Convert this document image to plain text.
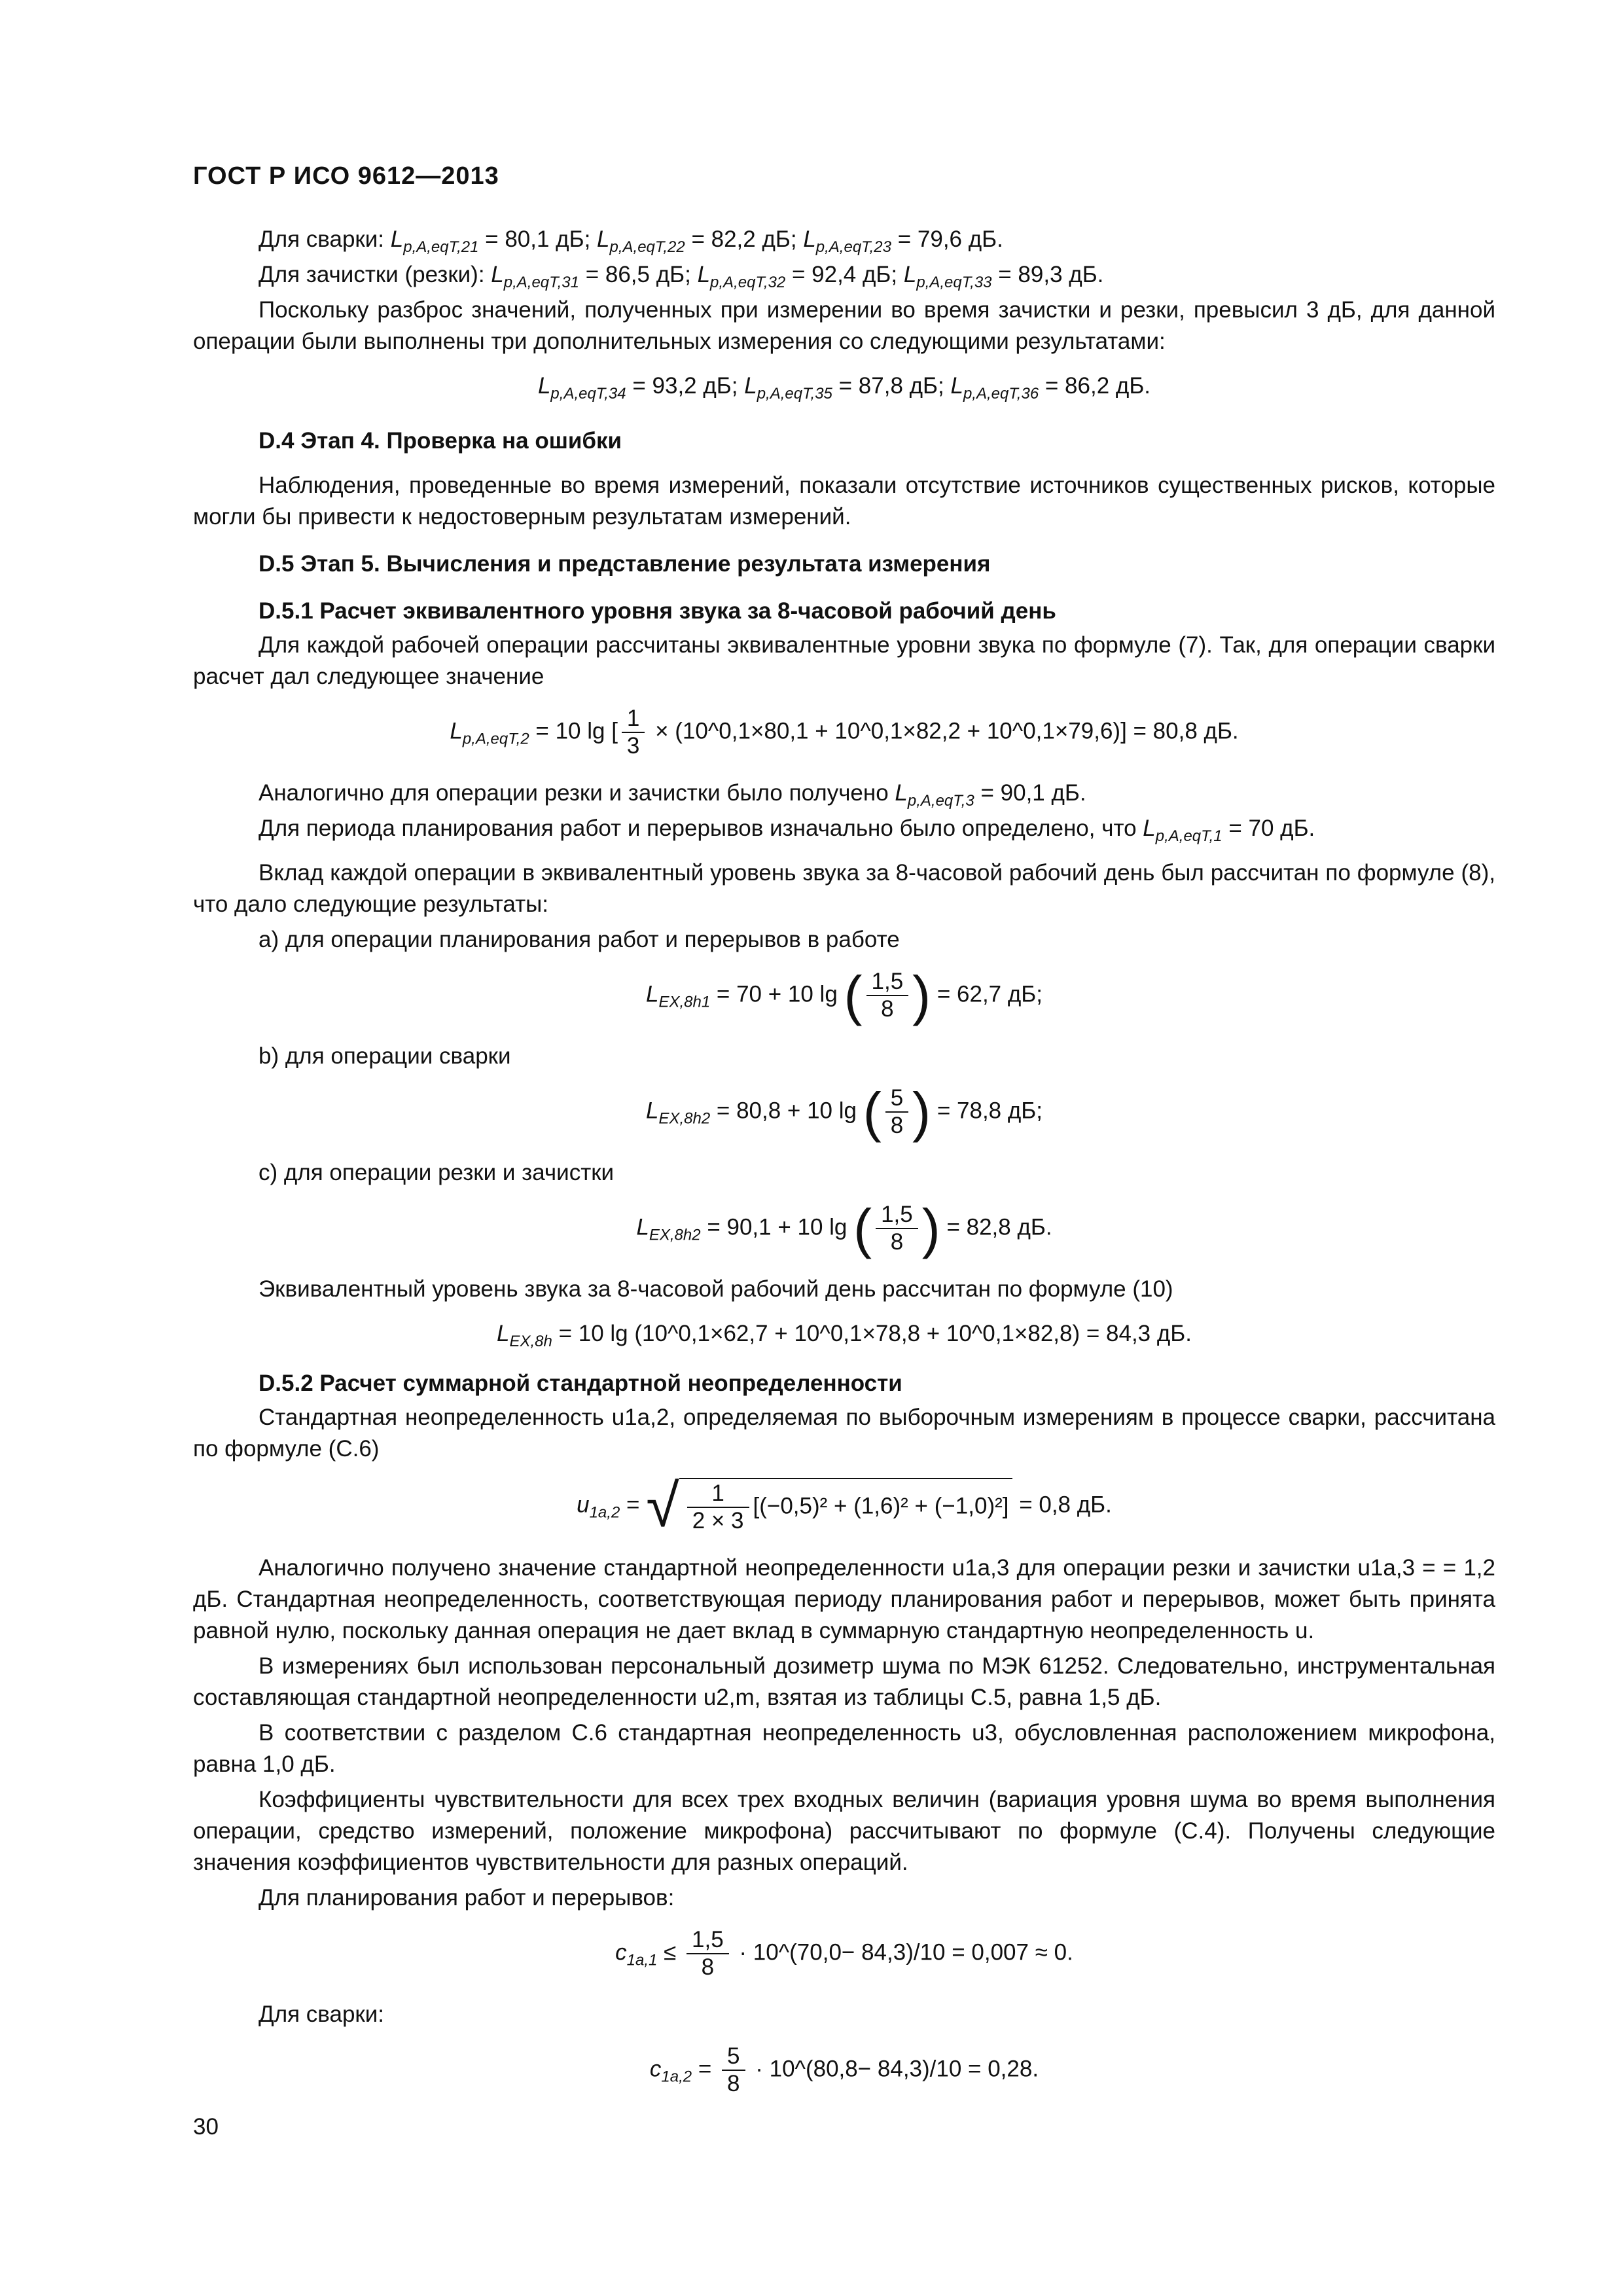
ГОСТ Р ИСО 9612—2013

Для сварки: $L_{p,A,eqT,21} = 80,1$ дБ; $L_{p,A,eqT,22} = 82,2$ дБ; $L_{p,A,eqT,23} = 79,6$ дБ.

Для зачистки (резки): $L_{p,A,eqT,31} = 86,5$ дБ; $L_{p,A,eqT,32} = 92,4$ дБ; $L_{p,A,eqT,33} = 89,3$ дБ.

Поскольку разброс значений, полученных при измерении во время зачистки и резки, превысил 3 дБ, для данной операции были выполнены три дополнительных измерения со следующими результатами:

$L_{p,A,eqT,34} = 93,2$ дБ; $L_{p,A,eqT,35} = 87,8$ дБ; $L_{p,A,eqT,36} = 86,2$ дБ.
D.4 Этап 4. Проверка на ошибки

Наблюдения, проведенные во время измерений, показали отсутствие источников существенных рисков, которые могли бы привести к недостоверным результатам измерений.

D.5 Этап 5. Вычисления и представление результата измерения
D.5.1 Расчет эквивалентного уровня звука за 8-часовой рабочий день

Для каждой рабочей операции рассчитаны эквивалентные уровни звука по формуле (7). Так, для операции сварки расчет дал следующее значение

$L_{p,A,eqT,2} = 10$ lg [ $\frac{1}{3}$ × (10^0,1×80,1 + 10^0,1×82,2 + 10^0,1×79,6)] = 80,8 дБ.

Аналогично для операции резки и зачистки было получено $L_{p,A,eqT,3} = 90,1$ дБ.

Для периода планирования работ и перерывов изначально было определено, что $L_{p,A,eqT,1} = 70$ дБ.

Вклад каждой операции в эквивалентный уровень звука за 8-часовой рабочий день был рассчитан по формуле (8), что дало следующие результаты:

a) для операции планирования работ и перерывов в работе
$L_{EX,8h1} = 70 + 10$ lg ( $\frac{1,5}{8}$ ) = 62,7 дБ;
b) для операции сварки
$L_{EX,8h2} = 80,8 + 10$ lg ( $\frac{5}{8}$ ) = 78,8 дБ;
c) для операции резки и зачистки
$L_{EX,8h2} = 90,1 + 10$ lg ( $\frac{1,5}{8}$ ) = 82,8 дБ.

Эквивалентный уровень звука за 8-часовой рабочий день рассчитан по формуле (10)

$L_{EX,8h} = 10$ lg (10^0,1×62,7 + 10^0,1×78,8 + 10^0,1×82,8) = 84,3 дБ.
D.5.2 Расчет суммарной стандартной неопределенности

Стандартная неопределенность u1a,2, определяемая по выборочным измерениям в процессе сварки, рассчитана по формуле (С.6)

$u_{1a,2}$ = √ $\frac{1}{2 \times 3} [(-0,5)^2 + (1,6)^2 + (-1,0)^2] = 0,8$ дБ.

Аналогично получено значение стандартной неопределенности u1a,3 для операции резки и зачистки u1a,3 = = 1,2 дБ. Стандартная неопределенность, соответствующая периоду планирования работ и перерывов, может быть принята равной нулю, поскольку данная операция не дает вклад в суммарную стандартную неопределенность u.

В измерениях был использован персональный дозиметр шума по МЭК 61252. Следовательно, инструментальная составляющая стандартной неопределенности u2,m, взятая из таблицы С.5, равна 1,5 дБ.

В соответствии с разделом С.6 стандартная неопределенность u3, обусловленная расположением микрофона, равна 1,0 дБ.

Коэффициенты чувствительности для всех трех входных величин (вариация уровня шума во время выполнения операции, средство измерений, положение микрофона) рассчитывают по формуле (С.4). Получены следующие значения коэффициентов чувствительности для разных операций.

Для планирования работ и перерывов:
$c_{1a,1} \le \frac{1,5}{8}$ · 10^(70,0− 84,3)/10 = 0,007 ≈ 0.
Для сварки:
$c_{1a,2} = \frac{5}{8}$ · 10^(80,8− 84,3)/10 = 0,28.
30
